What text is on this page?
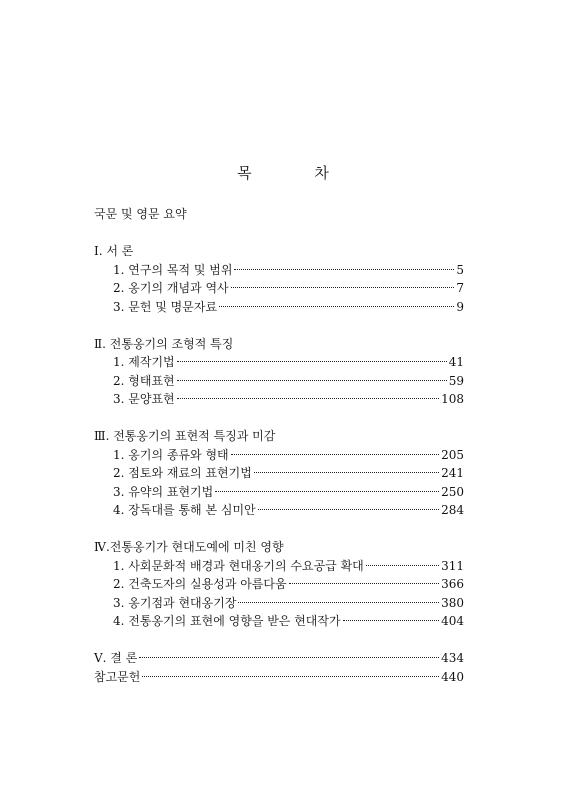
목	차
국문 및 영문 요약
Ⅰ. 서 론
1. 연구의 목적 및 범위	5
2. 옹기의 개념과 역사	7
3. 문헌 및 명문자료	9
Ⅱ. 전통옹기의 조형적 특징
1. 제작기법	41
2. 형태표현	59
3. 문양표현	108
Ⅲ. 전통옹기의 표현적 특징과 미감
1. 옹기의 종류와 형태	205
2. 점토와 재료의 표현기법	241
3. 유약의 표현기법	250
4. 장독대를 통해 본 심미안	284
Ⅳ.전통옹기가 현대도예에 미친 영향
1. 사회문화적 배경과 현대옹기의 수요공급 확대	311
2. 건축도자의 실용성과 아름다움	366
3. 옹기점과 현대옹기장	380
4. 전통옹기의 표현에 영향을 받은 현대작가	404
Ⅴ. 결 론	434
참고문헌	440
